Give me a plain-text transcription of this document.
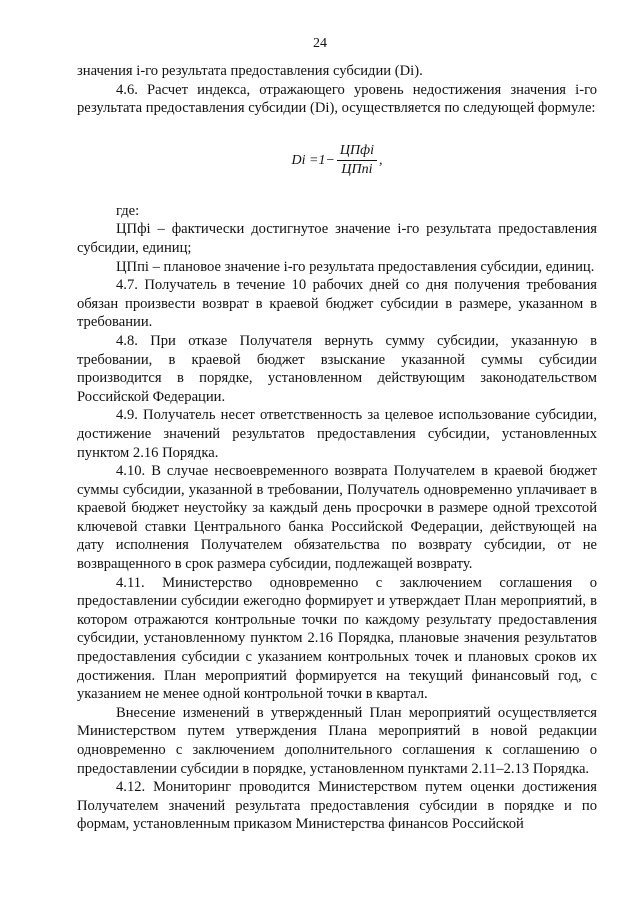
24

значения i-го результата предоставления субсидии (Di).

4.6. Расчет индекса, отражающего уровень недостижения значения i-го результата предоставления субсидии (Di), осуществляется по следующей формуле:

$Di =1- \frac{\text{ЦПфi}}{\text{ЦПпi}}$ ,

где:

ЦПфi – фактически достигнутое значение i-го результата предоставления субсидии, единиц;

ЦПпi – плановое значение i-го результата предоставления субсидии, единиц.

4.7. Получатель в течение 10 рабочих дней со дня получения требования обязан произвести возврат в краевой бюджет субсидии в размере, указанном в требовании.

4.8. При отказе Получателя вернуть сумму субсидии, указанную в требовании, в краевой бюджет взыскание указанной суммы субсидии производится в порядке, установленном действующим законодательством Российской Федерации.

4.9. Получатель несет ответственность за целевое использование субсидии, достижение значений результатов предоставления субсидии, установленных пунктом 2.16 Порядка.

4.10. В случае несвоевременного возврата Получателем в краевой бюджет суммы субсидии, указанной в требовании, Получатель одновременно уплачивает в краевой бюджет неустойку за каждый день просрочки в размере одной трехсотой ключевой ставки Центрального банка Российской Федерации, действующей на дату исполнения Получателем обязательства по возврату субсидии, от не возвращенного в срок размера субсидии, подлежащей возврату.

4.11. Министерство одновременно с заключением соглашения о предоставлении субсидии ежегодно формирует и утверждает План мероприятий, в котором отражаются контрольные точки по каждому результату предоставления субсидии, установленному пунктом 2.16 Порядка, плановые значения результатов предоставления субсидии с указанием контрольных точек и плановых сроков их достижения. План мероприятий формируется на текущий финансовый год, с указанием не менее одной контрольной точки в квартал.

Внесение изменений в утвержденный План мероприятий осуществляется Министерством путем утверждения Плана мероприятий в новой редакции одновременно с заключением дополнительного соглашения к соглашению о предоставлении субсидии в порядке, установленном пунктами 2.11–2.13 Порядка.

4.12. Мониторинг проводится Министерством путем оценки достижения Получателем значений результата предоставления субсидии в порядке и по формам, установленным приказом Министерства финансов Российской
